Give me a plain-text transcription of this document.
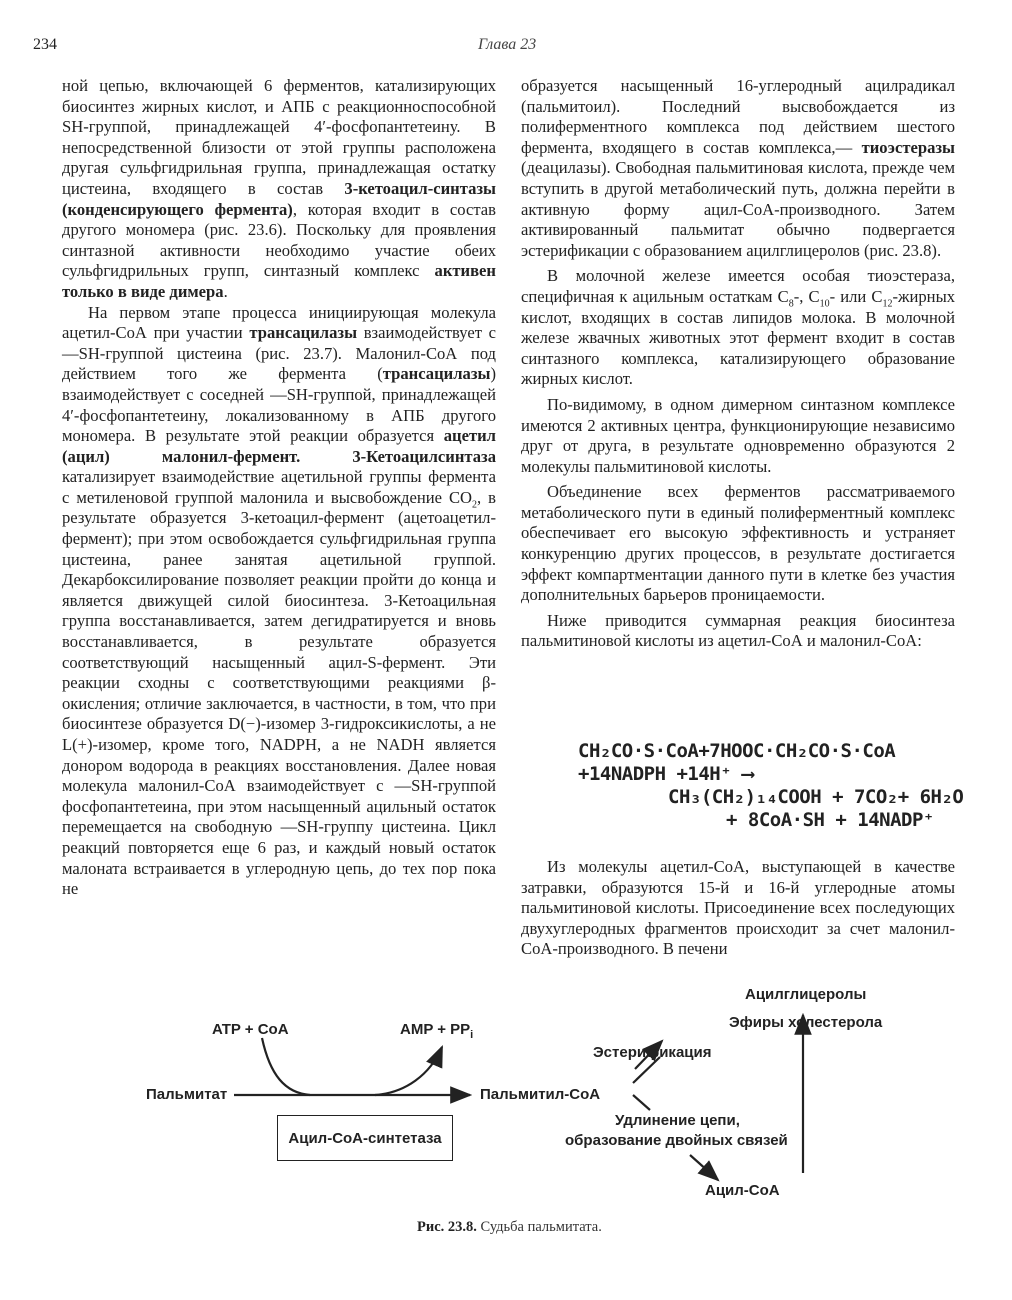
234	Глава 23

ной цепью, включающей 6 ферментов, катализирующих биосинтез жирных кислот, и АПБ с реакционноспособной SH-группой, принадлежащей 4′-фосфопантетеину. В непосредственной близости от этой группы расположена другая сульфгидрильная группа, принадлежащая остатку цистеина, входящего в состав 3-кетоацил-синтазы (конденсирующего фермента), которая входит в состав другого мономера (рис. 23.6). Поскольку для проявления синтазной активности необходимо участие обеих сульфгидрильных групп, синтазный комплекс активен только в виде димера.

На первом этапе процесса инициирующая молекула ацетил-СоА при участии трансацилазы взаимодействует с —SH-группой цистеина (рис. 23.7). Малонил-СоА под действием того же фермента (трансацилазы) взаимодействует с соседней —SH-группой, принадлежащей 4′-фосфопантетеину, локализованному в АПБ другого мономера. В результате этой реакции образуется ацетил (ацил) малонил-фермент. 3-Кетоацилсинтаза катализирует взаимодействие ацетильной группы фермента с метиленовой группой малонила и высвобождение $CO_2$, в результате образуется 3-кетоацил-фермент (ацетоацетил-фермент); при этом освобождается сульфгидрильная группа цистеина, ранее занятая ацетильной группой. Декарбоксилирование позволяет реакции пройти до конца и является движущей силой биосинтеза. 3-Кетоацильная группа восстанавливается, затем дегидратируется и вновь восстанавливается, в результате образуется соответствующий насыщенный ацил-S-фермент. Эти реакции сходны с соответствующими реакциями β-окисления; отличие заключается, в частности, в том, что при биосинтезе образуется D(−)-изомер 3-гидроксикислоты, а не L(+)-изомер, кроме того, NADPH, а не NADH является донором водорода в реакциях восстановления. Далее новая молекула малонил-СоА взаимодействует с —SH-группой фосфопантетеина, при этом насыщенный ацильный остаток перемещается на свободную —SH-группу цистеина. Цикл реакций повторяется еще 6 раз, и каждый новый остаток малоната встраивается в углеродную цепь, до тех пор пока не

образуется насыщенный 16-углеродный ацилрадикал (пальмитоил). Последний высвобождается из полиферментного комплекса под действием шестого фермента, входящего в состав комплекса,— тиоэстеразы (деацилазы). Свободная пальмитиновая кислота, прежде чем вступить в другой метаболический путь, должна перейти в активную форму ацил-СоА-производного. Затем активированный пальмитат обычно подвергается эстерификации с образованием ацилглицеролов (рис. 23.8).

В молочной железе имеется особая тиоэстераза, специфичная к ацильным остаткам $C_8-$, $C_{10}-$ или $C_{12}$-жирных кислот, входящих в состав липидов молока. В молочной железе жвачных животных этот фермент входит в состав синтазного комплекса, катализирующего образование жирных кислот.

По-видимому, в одном димерном синтазном комплексе имеются 2 активных центра, функционирующие независимо друг от друга, в результате одновременно образуются 2 молекулы пальмитиновой кислоты.

Объединение всех ферментов рассматриваемого метаболического пути в единый полиферментный комплекс обеспечивает его высокую эффективность и устраняет конкуренцию других процессов, в результате достигается эффект компартментации данного пути в клетке без участия дополнительных барьеров проницаемости.

Ниже приводится суммарная реакция биосинтеза пальмитиновой кислоты из ацетил-СоА и малонил-СоА:

CH₂CO·S·CoA+7HOOC·CH₂CO·S·CoA
+14NADPH +14H⁺ ⟶
CH₃(CH₂)₁₄COOH + 7CO₂+ 6H₂O
+ 8CoA·SH + 14NADP⁺

Из молекулы ацетил-СоА, выступающей в качестве затравки, образуются 15-й и 16-й углеродные атомы пальмитиновой кислоты. Присоединение всех последующих двухуглеродных фрагментов происходит за счет малонил-СоА-производного. В печени

Пальмитат
ATP + CoA	AMP + $PP_i$
Пальмитил-CoA
Ацил-CoA-синтетаза
Эстерификация
Ацилглицеролы
Эфиры холестерола
Удлинение цепи,
образование двойных связей
Ацил-CoA
Рис. 23.8. Судьба пальмитата.
